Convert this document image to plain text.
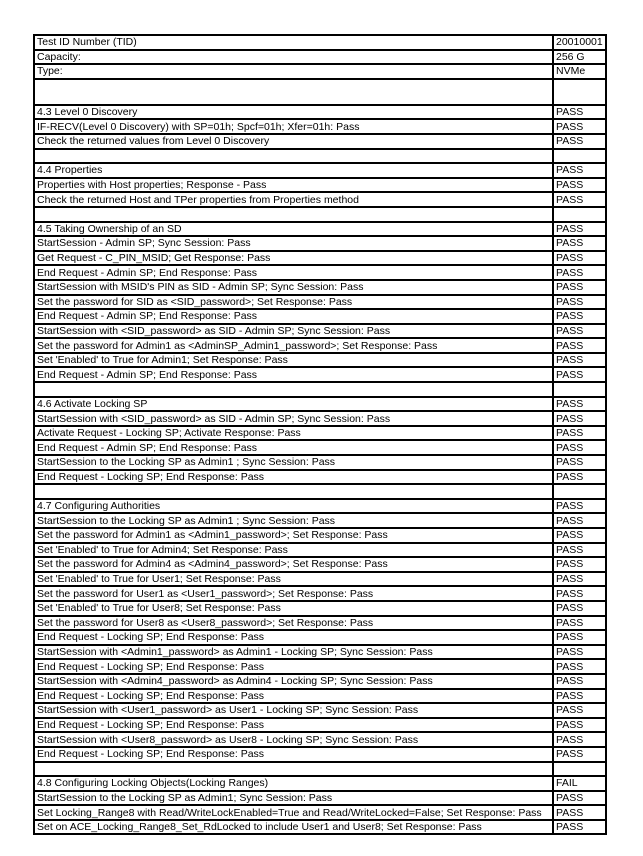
Test ID Number (TID)	20010001
Capacity:	256 G
Type:	NVMe

4.3 Level 0 Discovery	PASS
IF-RECV(Level 0 Discovery) with SP=01h; Spcf=01h; Xfer=01h: Pass	PASS
Check the returned values from Level 0 Discovery	PASS

4.4 Properties	PASS
Properties with Host properties; Response - Pass	PASS
Check the returned Host and TPer properties from Properties method	PASS

4.5 Taking Ownership of an SD	PASS
StartSession - Admin SP; Sync Session: Pass	PASS
Get Request - C_PIN_MSID; Get Response: Pass	PASS
End Request - Admin SP; End Response: Pass	PASS
StartSession with MSID's PIN as SID - Admin SP; Sync Session: Pass	PASS
Set the password for SID as <SID_password>; Set Response: Pass	PASS
End Request - Admin SP; End Response: Pass	PASS
StartSession with <SID_password> as SID - Admin SP; Sync Session: Pass	PASS
Set the password for Admin1 as <AdminSP_Admin1_password>; Set Response: Pass	PASS
Set 'Enabled' to True for Admin1; Set Response: Pass	PASS
End Request - Admin SP; End Response: Pass	PASS

4.6 Activate Locking SP	PASS
StartSession with <SID_password> as SID - Admin SP; Sync Session: Pass	PASS
Activate Request - Locking SP; Activate Response: Pass	PASS
End Request - Admin SP; End Response: Pass	PASS
StartSession to the Locking SP as Admin1 ; Sync Session: Pass	PASS
End Request - Locking SP; End Response: Pass	PASS

4.7 Configuring Authorities	PASS
StartSession to the Locking SP as Admin1 ; Sync Session: Pass	PASS
Set the password for Admin1 as <Admin1_password>; Set Response: Pass	PASS
Set 'Enabled' to True for Admin4; Set Response: Pass	PASS
Set the password for Admin4 as <Admin4_password>; Set Response: Pass	PASS
Set 'Enabled' to True for User1; Set Response: Pass	PASS
Set the password for User1 as <User1_password>; Set Response: Pass	PASS
Set 'Enabled' to True for User8; Set Response: Pass	PASS
Set the password for User8 as <User8_password>; Set Response: Pass	PASS
End Request - Locking SP; End Response: Pass	PASS
StartSession with <Admin1_password> as Admin1 - Locking SP; Sync Session: Pass	PASS
End Request - Locking SP; End Response: Pass	PASS
StartSession with <Admin4_password> as Admin4 - Locking SP; Sync Session: Pass	PASS
End Request - Locking SP; End Response: Pass	PASS
StartSession with <User1_password> as User1 - Locking SP; Sync Session: Pass	PASS
End Request - Locking SP; End Response: Pass	PASS
StartSession with <User8_password> as User8 - Locking SP; Sync Session: Pass	PASS
End Request - Locking SP; End Response: Pass	PASS

4.8 Configuring Locking Objects(Locking Ranges)	FAIL
StartSession to the Locking SP as Admin1; Sync Session: Pass	PASS
Set Locking_Range8 with Read/WriteLockEnabled=True and Read/WriteLocked=False; Set Response: Pass	PASS
Set on ACE_Locking_Range8_Set_RdLocked to include User1 and User8; Set Response: Pass	PASS
